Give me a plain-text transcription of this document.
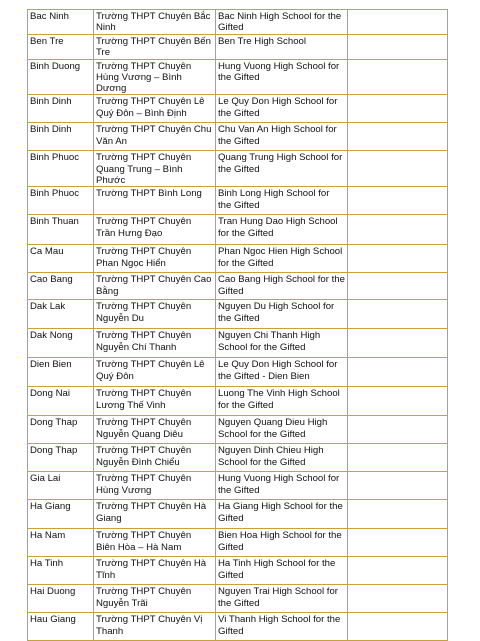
Bac Ninh	Trường THPT Chuyên Bắc Ninh	Bac Ninh High School for the Gifted	
Ben Tre	Trường THPT Chuyên Bến Tre	Ben Tre High School	
Binh Duong	Trường THPT Chuyên Hùng Vương – Bình Dương	Hung Vuong High School for the Gifted	
Binh Dinh	Trường THPT Chuyên Lê Quý Đôn – Bình Định	Le Quy Don High School for the Gifted	
Binh Dinh	Trường THPT Chuyên Chu Văn An	Chu Van An High School for the Gifted	
Binh Phuoc	Trường THPT Chuyên Quang Trung – Bình Phước	Quang Trung High School for the Gifted	
Binh Phuoc	Trường THPT Bình Long	Binh Long High School for the Gifted	
Binh Thuan	Trường THPT Chuyên Trần Hưng Đạo	Tran Hung Dao High School for the Gifted	
Ca Mau	Trường THPT Chuyên Phan Ngọc Hiển	Phan Ngoc Hien High School for the Gifted	
Cao Bang	Trường THPT Chuyên Cao Bằng	Cao Bang High School for the Gifted	
Dak Lak	Trường THPT Chuyên Nguyễn Du	Nguyen Du High School for the Gifted	
Dak Nong	Trường THPT Chuyên Nguyễn Chí Thanh	Nguyen Chi Thanh High School for the Gifted	
Dien Bien	Trường THPT Chuyên Lê Quý Đôn	Le Quy Don High School for the Gifted - Dien Bien	
Dong Nai	Trường THPT Chuyên Lương Thế Vinh	Luong The Vinh High School for the Gifted	
Dong Thap	Trường THPT Chuyên Nguyễn Quang Diêu	Nguyen Quang Dieu High School for the Gifted	
Dong Thap	Trường THPT Chuyên Nguyễn Đình Chiểu	Nguyen Dinh Chieu High School for the Gifted	
Gia Lai	Trường THPT Chuyên Hùng Vương	Hung Vuong High School for the Gifted	
Ha Giang	Trường THPT Chuyên Hà Giang	Ha Giang High School for the Gifted	
Ha Nam	Trường THPT Chuyên Biên Hòa – Hà Nam	Bien Hoa High School for the Gifted	
Ha Tinh	Trường THPT Chuyên Hà Tĩnh	Ha Tinh High School for the Gifted	
Hai Duong	Trường THPT Chuyên Nguyễn Trãi	Nguyen Trai High School for the Gifted	
Hau Giang	Trường THPT Chuyên Vị Thanh	Vi Thanh High School for the Gifted	
